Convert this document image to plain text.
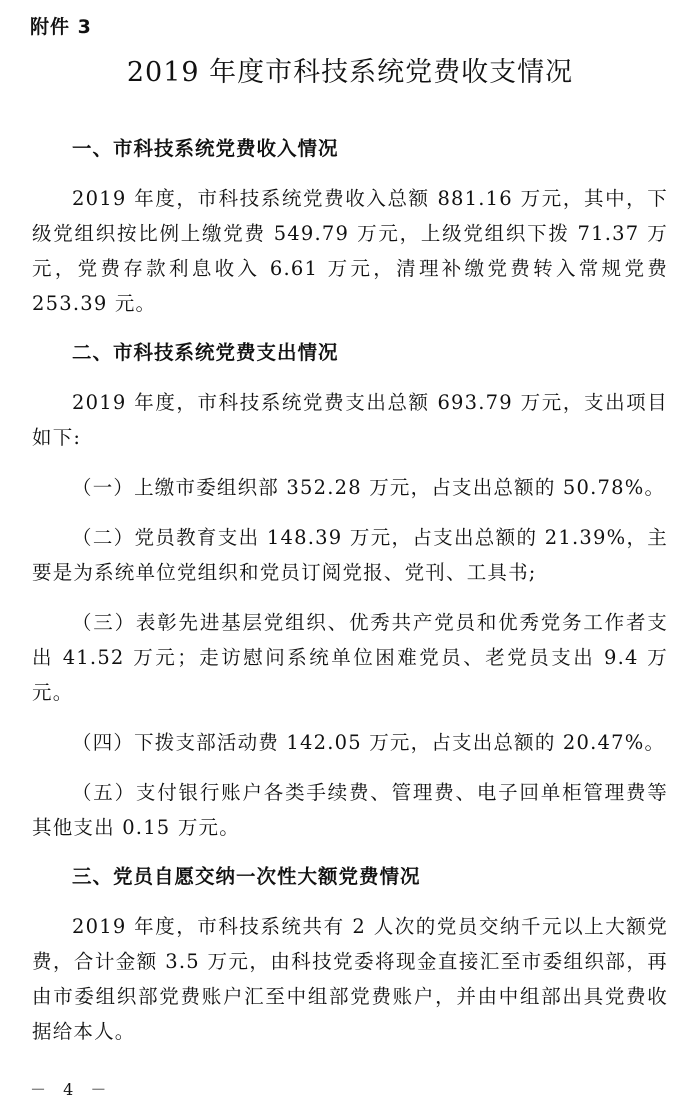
附件 3
2019 年度市科技系统党费收支情况
一、市科技系统党费收入情况

2019 年度，市科技系统党费收入总额 881.16 万元，其中，下级党组织按比例上缴党费 549.79 万元，上级党组织下拨 71.37 万元，党费存款利息收入 6.61 万元，清理补缴党费转入常规党费 253.39 元。

二、市科技系统党费支出情况

2019 年度，市科技系统党费支出总额 693.79 万元，支出项目如下:

（一）上缴市委组织部 352.28 万元，占支出总额的 50.78%。

（二）党员教育支出 148.39 万元，占支出总额的 21.39%，主要是为系统单位党组织和党员订阅党报、党刊、工具书;

（三）表彰先进基层党组织、优秀共产党员和优秀党务工作者支出 41.52 万元；走访慰问系统单位困难党员、老党员支出 9.4 万元。

（四）下拨支部活动费 142.05 万元，占支出总额的 20.47%。

（五）支付银行账户各类手续费、管理费、电子回单柜管理费等其他支出 0.15 万元。

三、党员自愿交纳一次性大额党费情况

2019 年度，市科技系统共有 2 人次的党员交纳千元以上大额党费，合计金额 3.5 万元，由科技党委将现金直接汇至市委组织部，再由市委组织部党费账户汇至中组部党费账户，并由中组部出具党费收据给本人。

－ 4 －
